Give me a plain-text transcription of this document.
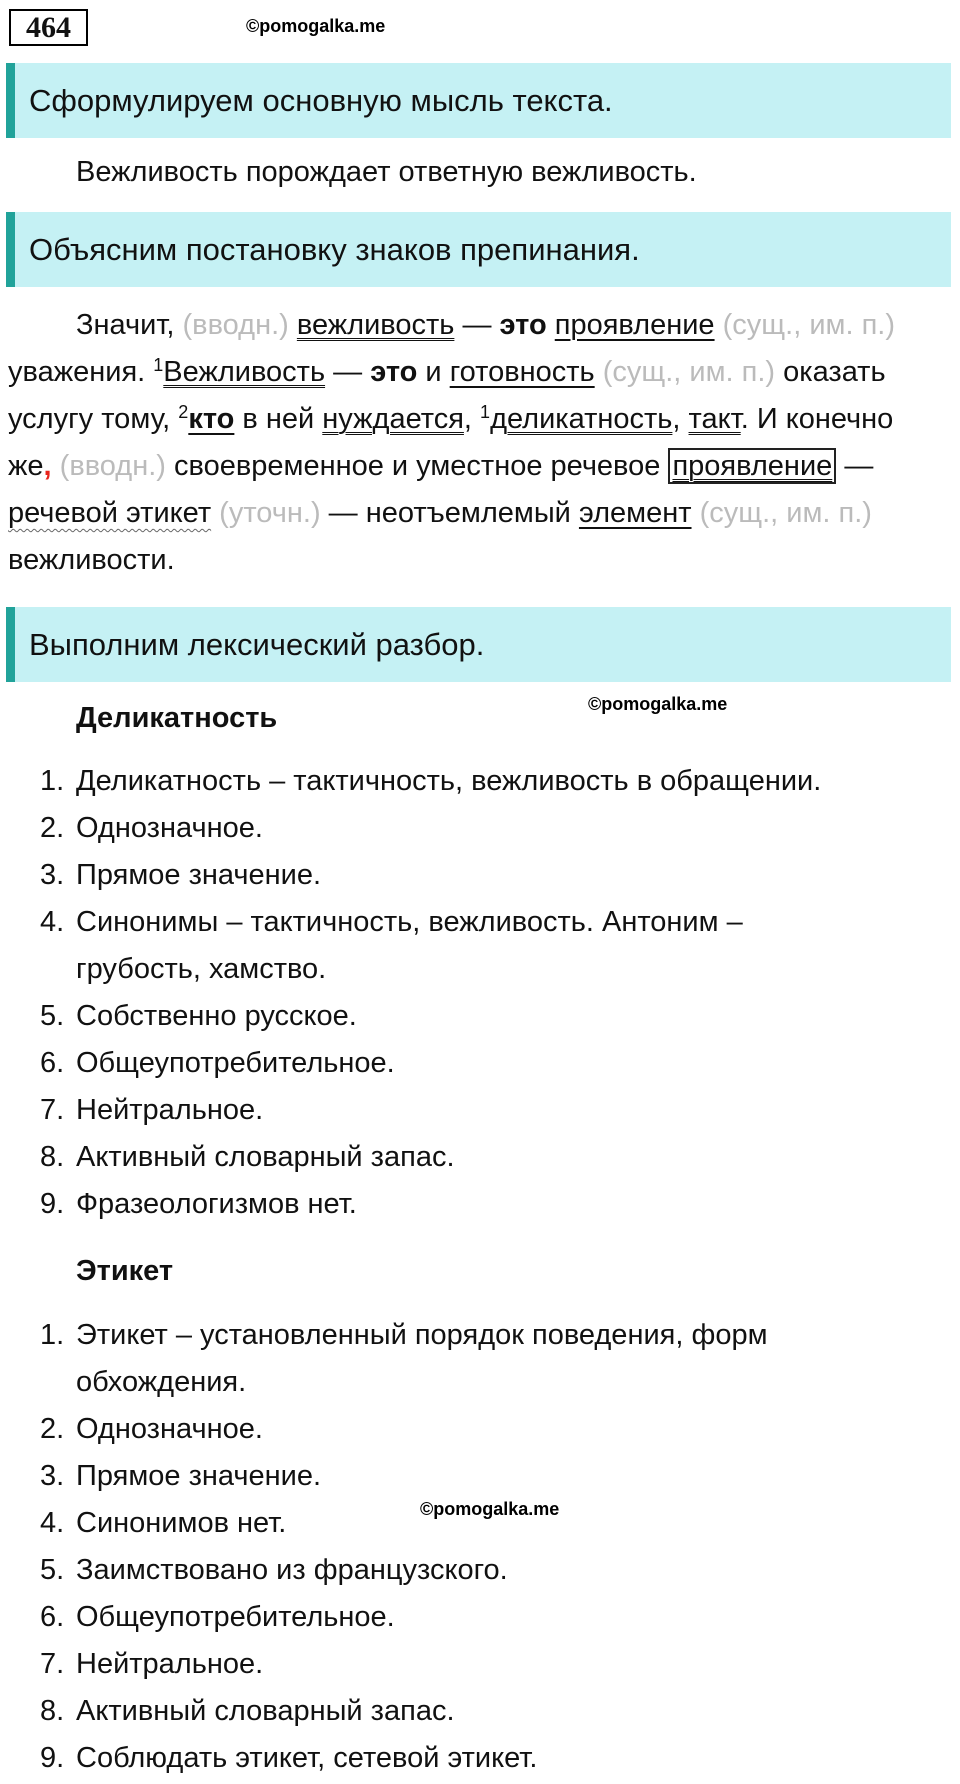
464	©pomogalka.me
Сформулируем основную мысль текста.
Вежливость порождает ответную вежливость.
Объясним постановку знаков препинания.

Значит, (вводн.) вежливость — это проявление (сущ., им. п.) уважения. $^1$Вежливость — это и готовность (сущ., им. п.) оказать услугу тому, $^2$кто в ней нуждается, $^1$деликатность, такт. И конечно же, (вводн.) своевременное и уместное речевое проявление — речевой этикет (уточн.) — неотъемлемый элемент (сущ., им. п.) вежливости.

Выполним лексический разбор.
©pomogalka.me
Деликатность
1. Деликатность – тактичность, вежливость в обращении.
2. Однозначное.
3. Прямое значение.
4. Синонимы – тактичность, вежливость. Антоним – грубость, хамство.
5. Собственно русское.
6. Общеупотребительное.
7. Нейтральное.
8. Активный словарный запас.
9. Фразеологизмов нет.
Этикет
1. Этикет – установленный порядок поведения, форм обхождения.
2. Однозначное.
3. Прямое значение.
4. Синонимов нет.
5. Заимствовано из французского.
6. Общеупотребительное.
7. Нейтральное.
8. Активный словарный запас.
9. Соблюдать этикет, сетевой этикет.
©pomogalka.me
